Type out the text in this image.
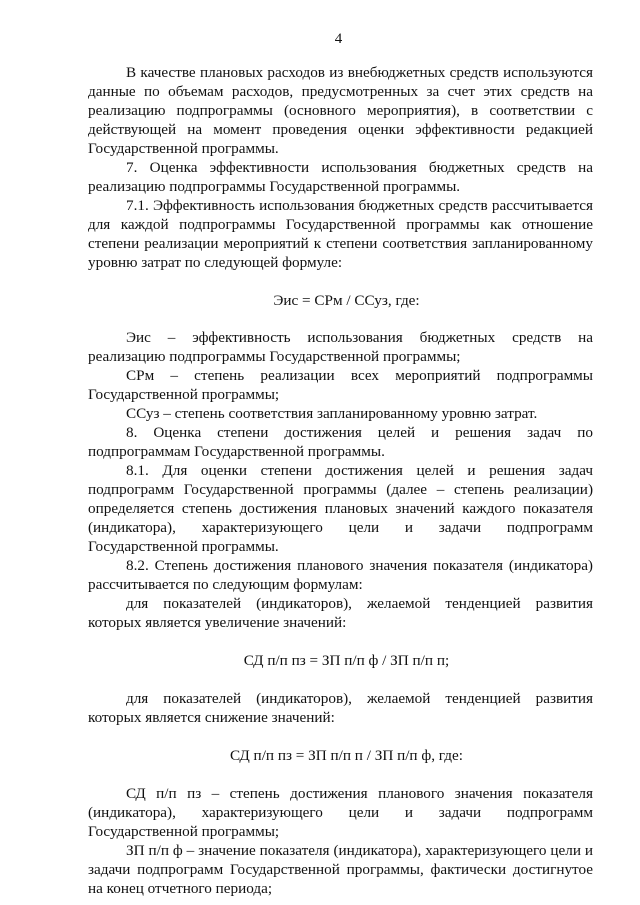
4

В качестве плановых расходов из внебюджетных средств используются данные по объемам расходов, предусмотренных за счет этих средств на реализацию подпрограммы (основного мероприятия), в соответствии с действующей на момент проведения оценки эффективности редакцией Государственной программы.

7. Оценка эффективности использования бюджетных средств на реализацию подпрограммы Государственной программы.

7.1. Эффективность использования бюджетных средств рассчитывается для каждой подпрограммы Государственной программы как отношение степени реализации мероприятий к степени соответствия запланированному уровню затрат по следующей формуле:

Эис = СРм / ССуз, где:

Эис – эффективность использования бюджетных средств на реализацию подпрограммы Государственной программы;

СРм – степень реализации всех мероприятий подпрограммы Государственной программы;

ССуз – степень соответствия запланированному уровню затрат.

8. Оценка степени достижения целей и решения задач по подпрограммам Государственной программы.

8.1. Для оценки степени достижения целей и решения задач подпрограмм Государственной программы (далее – степень реализации) определяется степень достижения плановых значений каждого показателя (индикатора), характеризующего цели и задачи подпрограмм Государственной программы.

8.2. Степень достижения планового значения показателя (индикатора) рассчитывается по следующим формулам:

для показателей (индикаторов), желаемой тенденцией развития которых является увеличение значений:

СД п/п пз = ЗП п/п ф / ЗП п/п п;

для показателей (индикаторов), желаемой тенденцией развития которых является снижение значений:

СД п/п пз = ЗП п/п п / ЗП п/п ф, где:

СД п/п пз – степень достижения планового значения показателя (индикатора), характеризующего цели и задачи подпрограмм Государственной программы;

ЗП п/п ф – значение показателя (индикатора), характеризующего цели и задачи подпрограмм Государственной программы, фактически достигнутое на конец отчетного периода;
